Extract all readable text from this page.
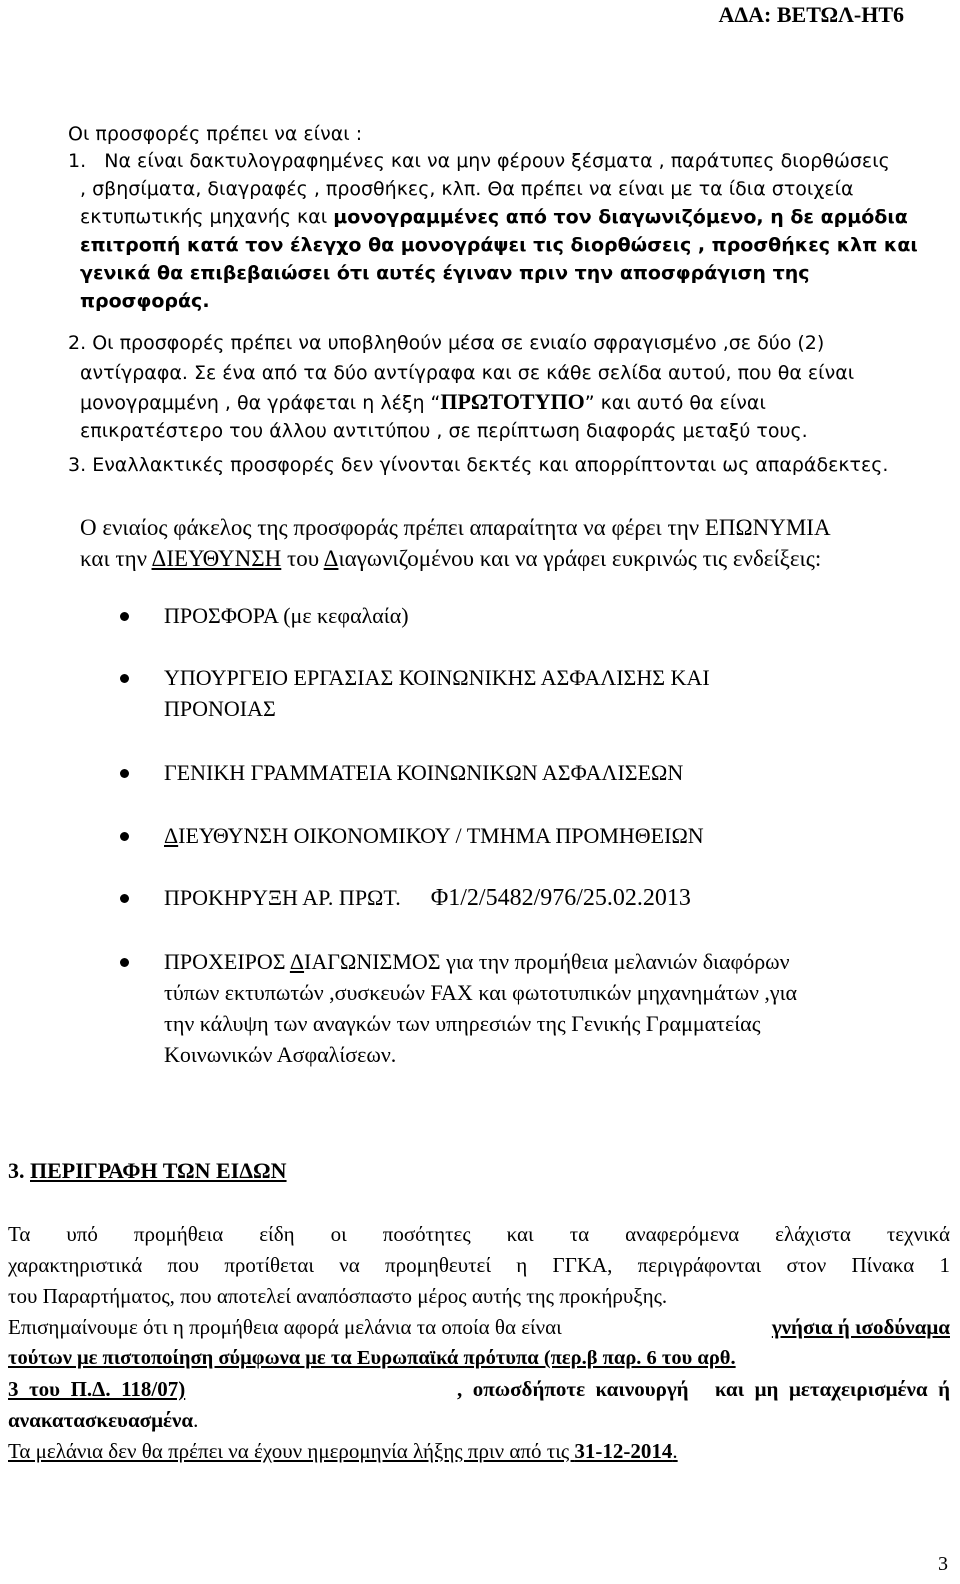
ΑΔΑ: ΒΕΤΩΛ-ΗΤ6
Οι προσφορές πρέπει να είναι :
1. Να είναι δακτυλογραφημένες και να μην φέρουν ξέσματα , παράτυπες διορθώσεις
, σβησίματα, διαγραφές , προσθήκες, κλπ. Θα πρέπει να είναι με τα ίδια στοιχεία
εκτυπωτικής μηχανής και μονογραμμένες από τον διαγωνιζόμενο, η δε αρμόδια
επιτροπή κατά τον έλεγχο θα μονογράψει τις διορθώσεις , προσθήκες κλπ και
γενικά θα επιβεβαιώσει ότι αυτές έγιναν πριν την αποσφράγιση της
προσφοράς.
2. Οι προσφορές πρέπει να υποβληθούν μέσα σε ενιαίο σφραγισμένο ,σε δύο (2)
αντίγραφα. Σε ένα από τα δύο αντίγραφα και σε κάθε σελίδα αυτού, που θα είναι
μονογραμμένη , θα γράφεται η λέξη “ΠΡΩΤΟΤΥΠΟ” και αυτό θα είναι
επικρατέστερο του άλλου αντιτύπου , σε περίπτωση διαφοράς μεταξύ τους.
3. Εναλλακτικές προσφορές δεν γίνονται δεκτές και απορρίπτονται ως απαράδεκτες.
Ο ενιαίος φάκελος της προσφοράς πρέπει απαραίτητα να φέρει την ΕΠΩΝΥΜΙΑ
και την ΔΙΕΥΘΥΝΣΗ του Διαγωνιζομένου και να γράφει ευκρινώς τις ενδείξεις:
ΠΡΟΣΦΟΡΑ (με κεφαλαία)
ΥΠΟΥΡΓΕΙΟ ΕΡΓΑΣΙΑΣ ΚΟΙΝΩΝΙΚΗΣ ΑΣΦΑΛΙΣΗΣ ΚΑΙ
ΠΡΟΝΟΙΑΣ
ΓΕΝΙΚΗ ΓΡΑΜΜΑΤΕΙΑ ΚΟΙΝΩΝΙΚΩΝ ΑΣΦΑΛΙΣΕΩΝ
ΔΙΕΥΘΥΝΣΗ ΟΙΚΟΝΟΜΙΚΟΥ / ΤΜΗΜΑ ΠΡΟΜΗΘΕΙΩΝ
ΠΡΟΚΗΡΥΞΗ ΑΡ. ΠΡΩΤ. Φ1/2/5482/976/25.02.2013
ΠΡΟΧΕΙΡΟΣ ΔΙΑΓΩΝΙΣΜΟΣ για την προμήθεια μελανιών διαφόρων
τύπων εκτυπωτών ,συσκευών FAX και φωτοτυπικών μηχανημάτων ,για
την κάλυψη των αναγκών των υπηρεσιών της Γενικής Γραμματείας
Κοινωνικών Ασφαλίσεων.
3. ΠΕΡΙΓΡΑΦΗ ΤΩΝ ΕΙΔΩΝ
Τα υπό προμήθεια είδη οι ποσότητες και τα αναφερόμενα ελάχιστα τεχνικά
χαρακτηριστικά που προτίθεται να προμηθευτεί η ΓΓΚΑ, περιγράφονται στον Πίνακα 1
του Παραρτήματος, που αποτελεί αναπόσπαστο μέρος αυτής της προκήρυξης.
Επισημαίνουμε ότι η προμήθεια αφορά μελάνια τα οποία θα είναι	γνήσια ή ισοδύναμα
τούτων με πιστοποίηση σύμφωνα με τα Ευρωπαϊκά πρότυπα (περ.β παρ. 6 του αρθ.
3  του  Π.Δ.  118/07)	,  οπωσδήποτε  καινουργή     και  μη  μεταχειρισμένα  ή
ανακατασκευασμένα.
Τα μελάνια δεν θα πρέπει να έχουν ημερομηνία λήξης πριν από τις 31-12-2014.
3
